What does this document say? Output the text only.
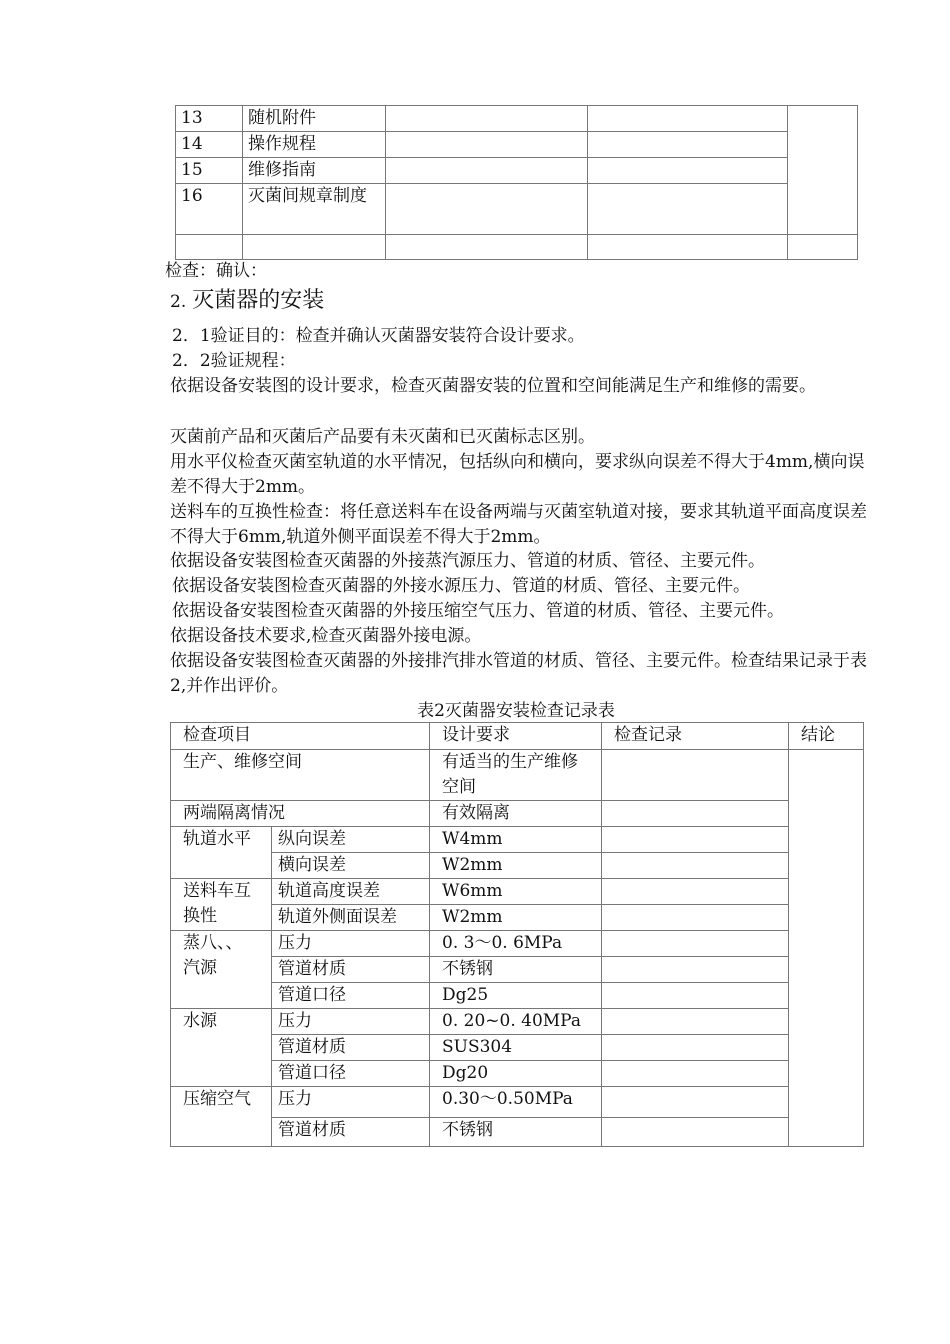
13	随机附件			
14	操作规程			
15	维修指南			
16	灭菌间规章制度			

检查：确认：
2. 灭菌器的安装

2．1验证目的：检查并确认灭菌器安装符合设计要求。

2．2验证规程：

依据设备安装图的设计要求，检查灭菌器安装的位置和空间能满足生产和维修的需要。

灭菌前产品和灭菌后产品要有未灭菌和已灭菌标志区别。

用水平仪检查灭菌室轨道的水平情况，包括纵向和横向，要求纵向误差不得大于4mm,横向误差不得大于2mm。

送料车的互换性检查：将任意送料车在设备两端与灭菌室轨道对接，要求其轨道平面高度误差不得大于6mm,轨道外侧平面误差不得大于2mm。

依据设备安装图检查灭菌器的外接蒸汽源压力、管道的材质、管径、主要元件。

依据设备安装图检查灭菌器的外接水源压力、管道的材质、管径、主要元件。

依据设备安装图检查灭菌器的外接压缩空气压力、管道的材质、管径、主要元件。

依据设备技术要求,检查灭菌器外接电源。

依据设备安装图检查灭菌器的外接排汽排水管道的材质、管径、主要元件。检查结果记录于表2,并作出评价。

表2灭菌器安装检查记录表
检查项目		设计要求	检查记录	结论
生产、维修空间		有适当的生产维修空间		
两端隔离情况		有效隔离		
轨道水平	纵向误差	W4mm		
	横向误差	W2mm		
送料车互换性	轨道高度误差	W6mm		
	轨道外侧面误差	W2mm		
蒸八、、汽源	压力	0. 3〜0. 6MPa		
	管道材质	不锈钢		
	管道口径	Dg25		
水源	压力	0. 20~0. 40MPa		
	管道材质	SUS304		
	管道口径	Dg20		
压缩空气	压力	0.30〜0.50MPa		
	管道材质	不锈钢		
